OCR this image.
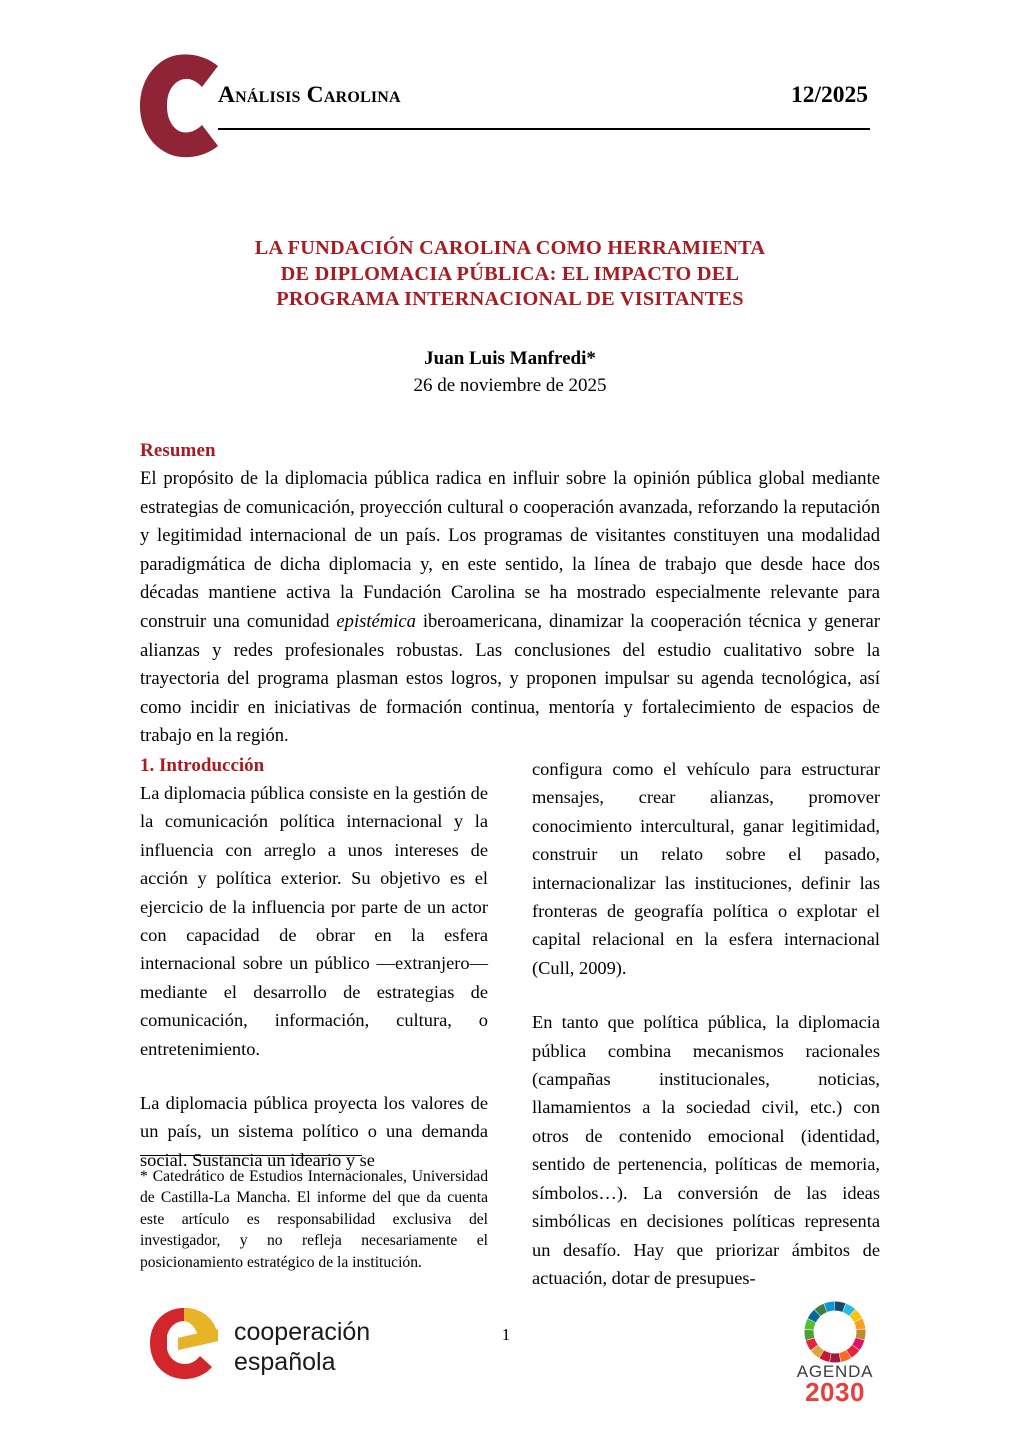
Análisis Carolina	12/2025
LA FUNDACIÓN CAROLINA COMO HERRAMIENTA
DE DIPLOMACIA PÚBLICA: EL IMPACTO DEL
PROGRAMA INTERNACIONAL DE VISITANTES
Juan Luis Manfredi*
26 de noviembre de 2025
Resumen

El propósito de la diplomacia pública radica en influir sobre la opinión pública global mediante estrategias de comunicación, proyección cultural o cooperación avanzada, reforzando la reputación y legitimidad internacional de un país. Los programas de visitantes constituyen una modalidad paradigmática de dicha diplomacia y, en este sentido, la línea de trabajo que desde hace dos décadas mantiene activa la Fundación Carolina se ha mostrado especialmente relevante para construir una comunidad epistémica iberoamericana, dinamizar la cooperación técnica y generar alianzas y redes profesionales robustas. Las conclusiones del estudio cualitativo sobre la trayectoria del programa plasman estos logros, y proponen impulsar su agenda tecnológica, así como incidir en iniciativas de formación continua, mentoría y fortalecimiento de espacios de trabajo en la región.

1. Introducción

La diplomacia pública consiste en la gestión de la comunicación política internacional y la influencia con arreglo a unos intereses de acción y política exterior. Su objetivo es el ejercicio de la influencia por parte de un actor con capacidad de obrar en la esfera internacional sobre un público —extranjero— mediante el desarrollo de estrategias de comunicación, información, cultura, o entretenimiento.

La diplomacia pública proyecta los valores de un país, un sistema político o una demanda social. Sustancia un ideario y se

configura como el vehículo para estructurar mensajes, crear alianzas, promover conocimiento intercultural, ganar legitimidad, construir un relato sobre el pasado, internacionalizar las instituciones, definir las fronteras de geografía política o explotar el capital relacional en la esfera internacional (Cull, 2009).

En tanto que política pública, la diplomacia pública combina mecanismos racionales (campañas institucionales, noticias, llamamientos a la sociedad civil, etc.) con otros de contenido emocional (identidad, sentido de pertenencia, políticas de memoria, símbolos…). La conversión de las ideas simbólicas en decisiones políticas representa un desafío. Hay que priorizar ámbitos de actuación, dotar de presupues-

* Catedrático de Estudios Internacionales, Universidad de Castilla-La Mancha. El informe del que da cuenta este artículo es responsabilidad exclusiva del investigador, y no refleja necesariamente el posicionamiento estratégico de la institución.

cooperación
española
1
AGENDA
2030
